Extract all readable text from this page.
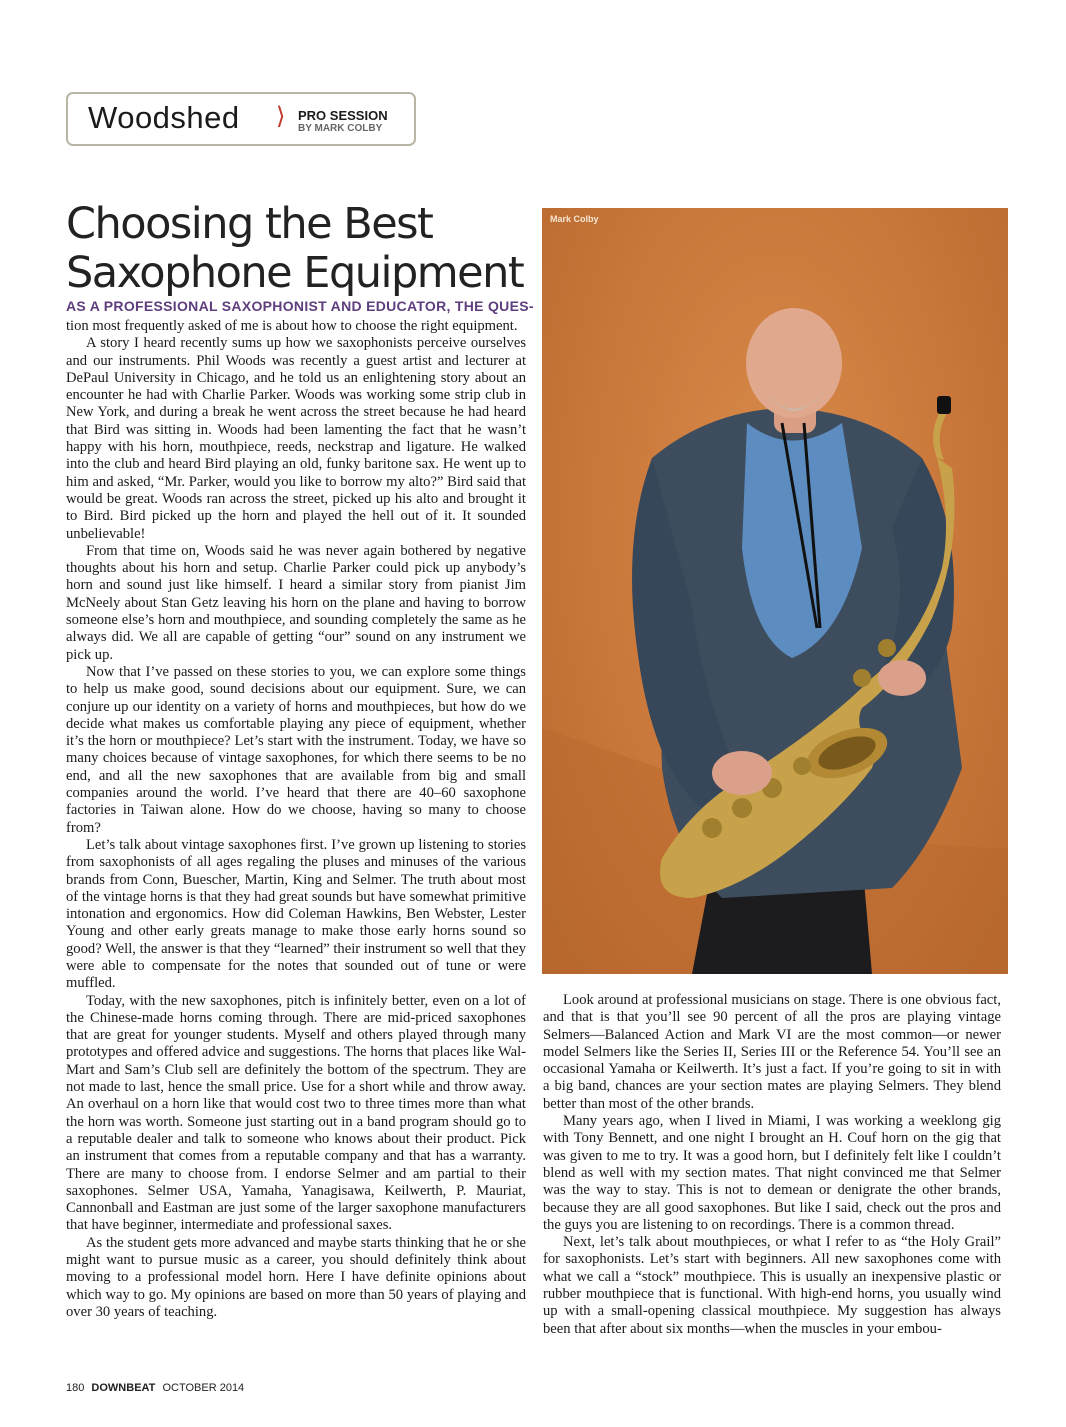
Woodshed ⟩ PRO SESSION
BY MARK COLBY
Choosing the Best Saxophone Equipment
AS A PROFESSIONAL SAXOPHONIST AND EDUCATOR, THE QUES-

tion most frequently asked of me is about how to choose the right equipment.

A story I heard recently sums up how we saxophonists perceive ourselves and our instruments. Phil Woods was recently a guest artist and lecturer at DePaul University in Chicago, and he told us an enlightening story about an encounter he had with Charlie Parker. Woods was working some strip club in New York, and during a break he went across the street because he had heard that Bird was sitting in. Woods had been lamenting the fact that he wasn’t happy with his horn, mouthpiece, reeds, neckstrap and ligature. He walked into the club and heard Bird playing an old, funky baritone sax. He went up to him and asked, “Mr. Parker, would you like to borrow my alto?” Bird said that would be great. Woods ran across the street, picked up his alto and brought it to Bird. Bird picked up the horn and played the hell out of it. It sounded unbelievable!

From that time on, Woods said he was never again bothered by negative thoughts about his horn and setup. Charlie Parker could pick up anybody’s horn and sound just like himself. I heard a similar story from pianist Jim McNeely about Stan Getz leaving his horn on the plane and having to borrow someone else’s horn and mouthpiece, and sounding completely the same as he always did. We all are capable of getting “our” sound on any instrument we pick up.

Now that I’ve passed on these stories to you, we can explore some things to help us make good, sound decisions about our equipment. Sure, we can conjure up our identity on a variety of horns and mouthpieces, but how do we decide what makes us comfortable playing any piece of equipment, whether it’s the horn or mouthpiece? Let’s start with the instrument. Today, we have so many choices because of vintage saxophones, for which there seems to be no end, and all the new saxophones that are available from big and small companies around the world. I’ve heard that there are 40–60 saxophone factories in Taiwan alone. How do we choose, having so many to choose from?

Let’s talk about vintage saxophones first. I’ve grown up listening to stories from saxophonists of all ages regaling the pluses and minuses of the various brands from Conn, Buescher, Martin, King and Selmer. The truth about most of the vintage horns is that they had great sounds but have somewhat primitive intonation and ergonomics. How did Coleman Hawkins, Ben Webster, Lester Young and other early greats manage to make those early horns sound so good? Well, the answer is that they “learned” their instrument so well that they were able to compensate for the notes that sounded out of tune or were muffled.

Today, with the new saxophones, pitch is infinitely better, even on a lot of the Chinese-made horns coming through. There are mid-priced saxophones that are great for younger students. Myself and others played through many prototypes and offered advice and suggestions. The horns that places like Wal-Mart and Sam’s Club sell are definitely the bottom of the spectrum. They are not made to last, hence the small price. Use for a short while and throw away. An overhaul on a horn like that would cost two to three times more than what the horn was worth. Someone just starting out in a band program should go to a reputable dealer and talk to someone who knows about their product. Pick an instrument that comes from a reputable company and that has a warranty. There are many to choose from. I endorse Selmer and am partial to their saxophones. Selmer USA, Yamaha, Yanagisawa, Keilwerth, P. Mauriat, Cannonball and Eastman are just some of the larger saxophone manufacturers that have beginner, intermediate and professional saxes.

As the student gets more advanced and maybe starts thinking that he or she might want to pursue music as a career, you should definitely think about moving to a professional model horn. Here I have definite opinions about which way to go. My opinions are based on more than 50 years of playing and over 30 years of teaching.

Mark Colby

Look around at professional musicians on stage. There is one obvious fact, and that is that you’ll see 90 percent of all the pros are playing vintage Selmers—Balanced Action and Mark VI are the most common—or newer model Selmers like the Series II, Series III or the Reference 54. You’ll see an occasional Yamaha or Keilwerth. It’s just a fact. If you’re going to sit in with a big band, chances are your section mates are playing Selmers. They blend better than most of the other brands.

Many years ago, when I lived in Miami, I was working a weeklong gig with Tony Bennett, and one night I brought an H. Couf horn on the gig that was given to me to try. It was a good horn, but I definitely felt like I couldn’t blend as well with my section mates. That night convinced me that Selmer was the way to stay. This is not to demean or denigrate the other brands, because they are all good saxophones. But like I said, check out the pros and the guys you are listening to on recordings. There is a common thread.

Next, let’s talk about mouthpieces, or what I refer to as “the Holy Grail” for saxophonists. Let’s start with beginners. All new saxophones come with what we call a “stock” mouthpiece. This is usually an inexpensive plastic or rubber mouthpiece that is functional. With high-end horns, you usually wind up with a small-opening classical mouthpiece. My suggestion has always been that after about six months—when the muscles in your embou-

180 DOWNBEAT OCTOBER 2014
